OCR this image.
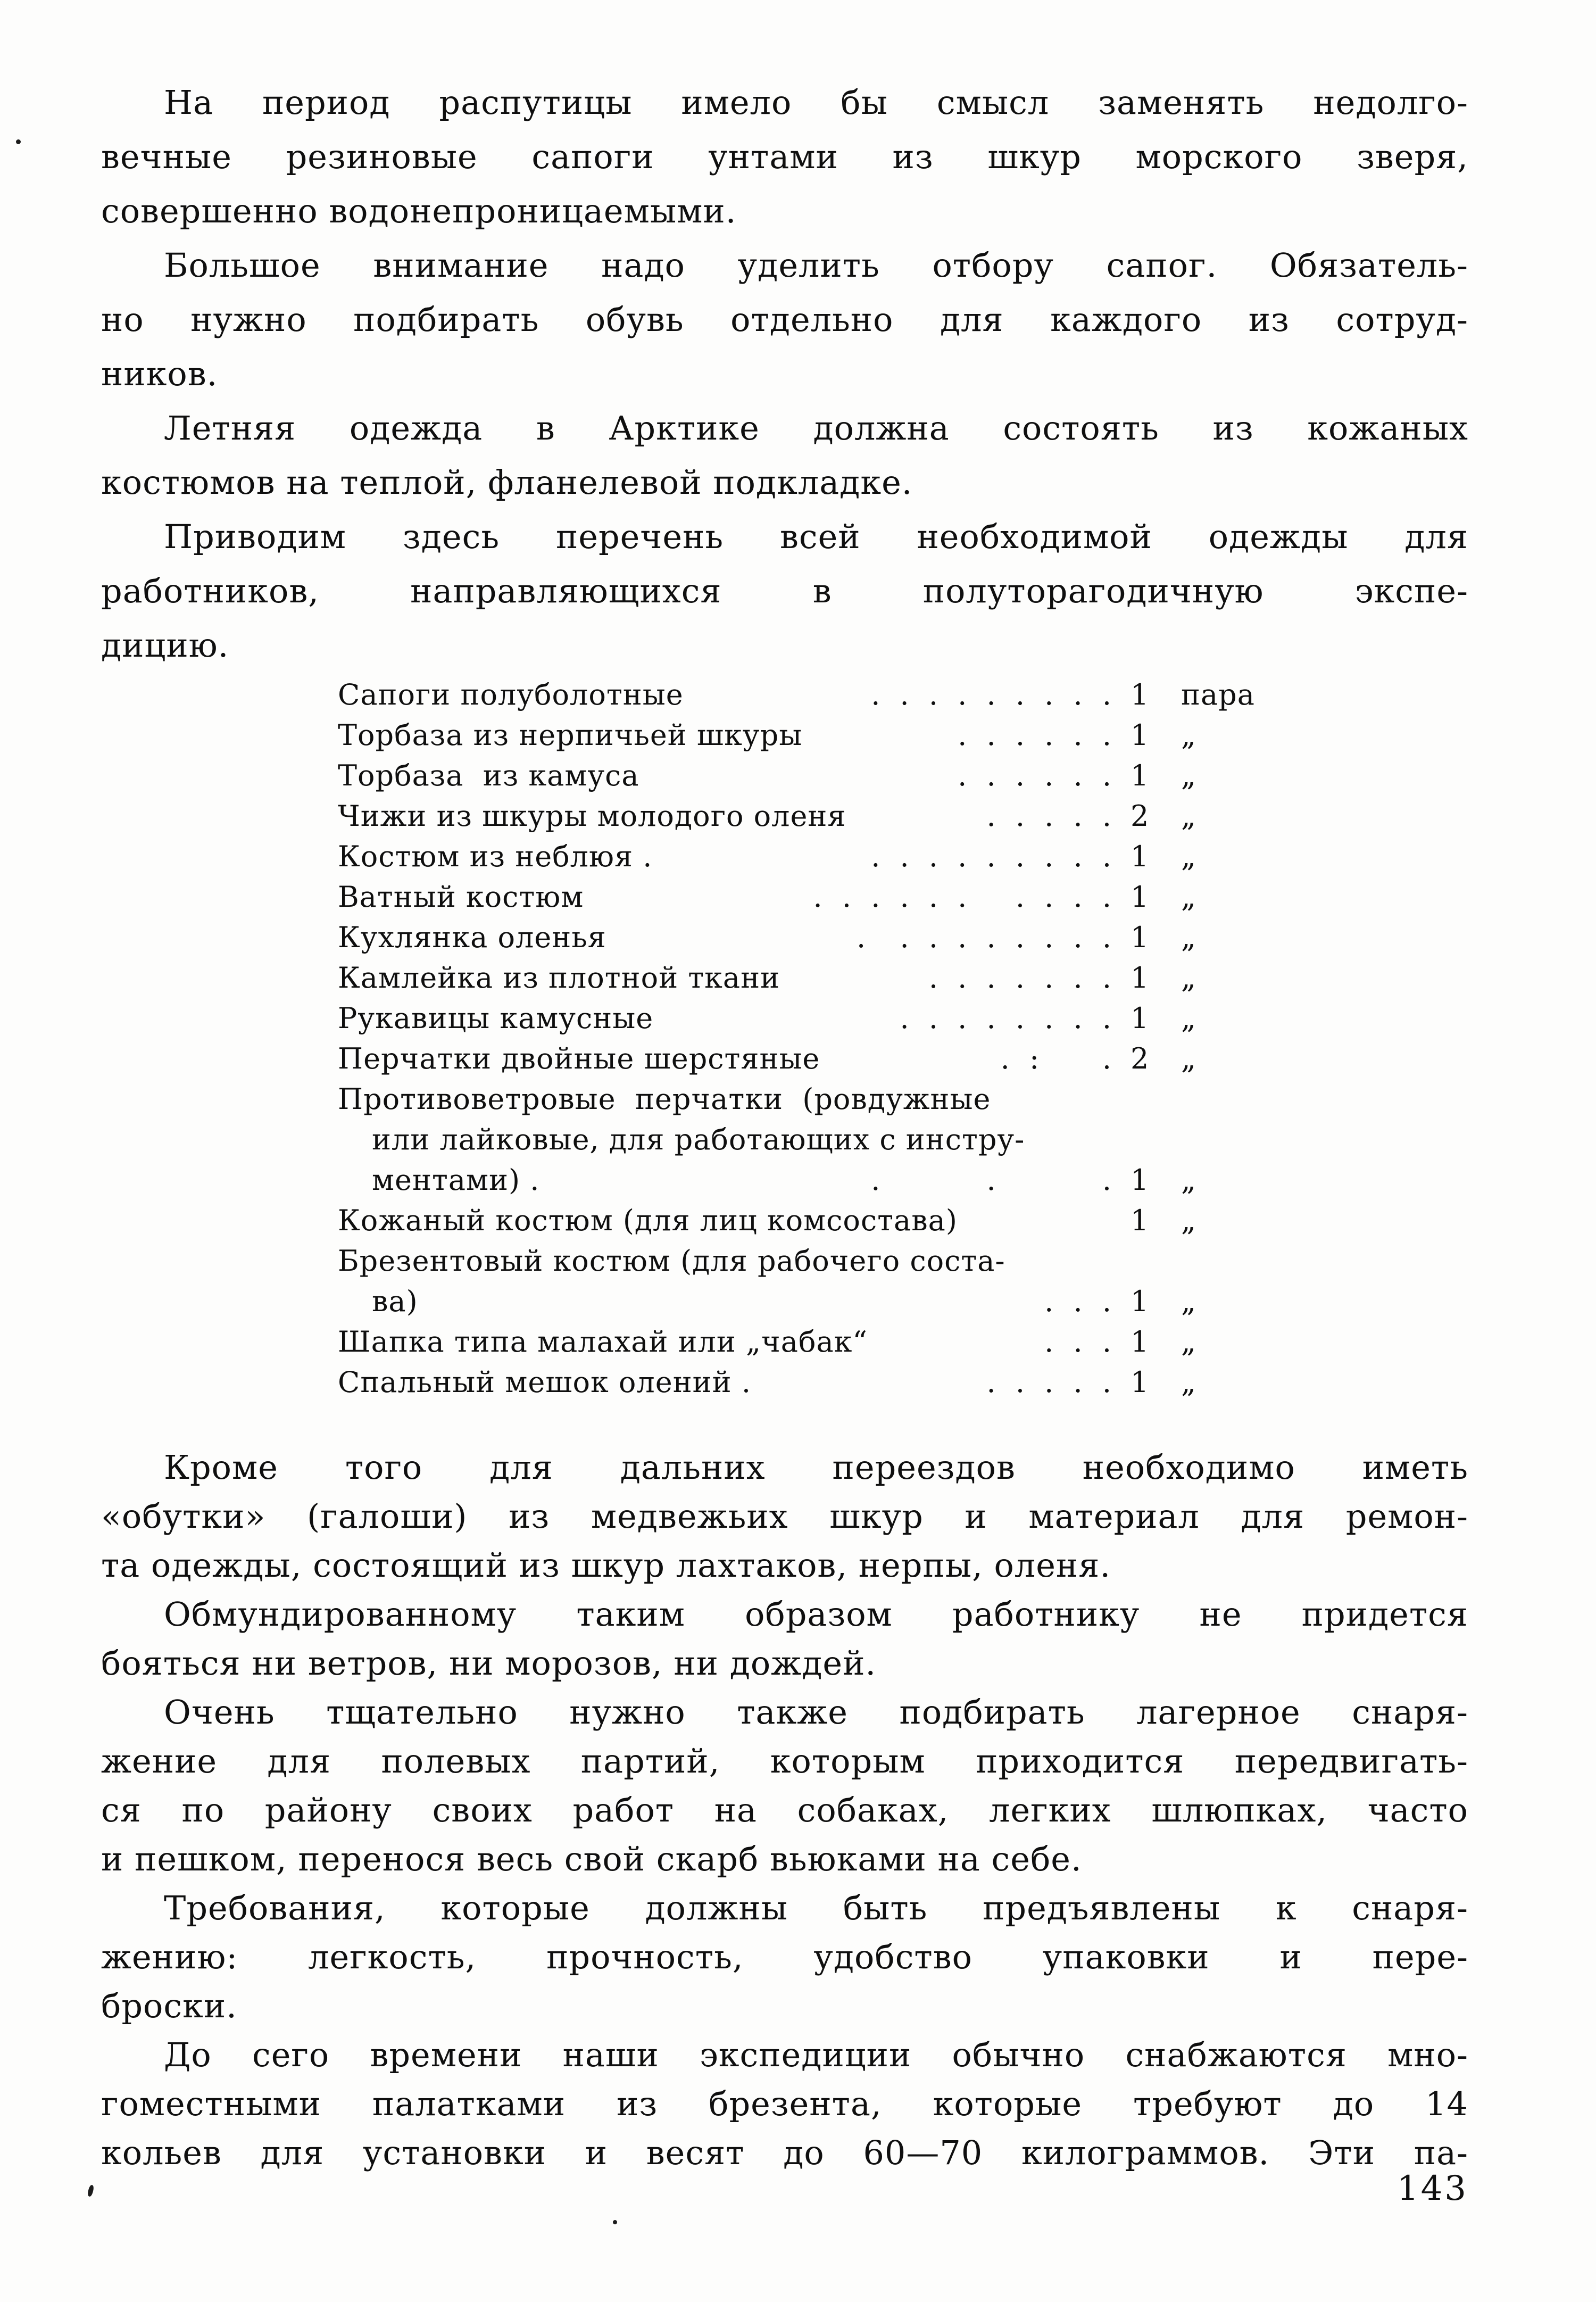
На период распутицы имело бы смысл заменять недолго-
вечные резиновые сапоги унтами из шкур морского зверя,
совершенно водонепроницаемыми.
Большое внимание надо уделить отбору сапог. Обязатель-
но нужно подбирать обувь отдельно для каждого из сотруд-
ников.
Летняя одежда в Арктике должна состоять из кожаных
костюмов на теплой, фланелевой подкладке.
Приводим здесь перечень всей необходимой одежды для
работников, направляющихся в полуторагодичную экспе-
дицию.
Сапоги полуболотные	. . . . . . . . . 1	пара
Торбаза из нерпичьей шкуры	. . . . . . 1	„
Торбаза  из камуса	. . . . . . 1	„
Чижи из шкуры молодого оленя	. . . . . 2	„
Костюм из неблюя .	. . . . . . . . . 1	„
Ватный костюм	. . . . . .   . . . . 1	„
Кухлянка оленья	.  . . . . . . . . 1	„
Камлейка из плотной ткани	. . . . . . . 1	„
Рукавицы камусные	. . . . . . . . 1	„
Перчатки двойные шерстяные	. :    . 2	„
Противоветровые  перчатки  (ровдужные
или лайковые, для работающих с инстру-
ментами) .	.       .       . 1	„
Кожаный костюм (для лиц комсостава)	1	„
Брезентовый костюм (для рабочего соста-
ва)	. . . 1	„
Шапка типа малахай или „чабак“	. . . 1	„
Спальный мешок олений .	. . . . . 1	„
Кроме того для дальних переездов необходимо иметь
«обутки» (галоши) из медвежьих шкур и материал для ремон-
та одежды, состоящий из шкур лахтаков, нерпы, оленя.
Обмундированному таким образом работнику не придется
бояться ни ветров, ни морозов, ни дождей.
Очень тщательно нужно также подбирать лагерное снаря-
жение для полевых партий, которым приходится передвигать-
ся по району своих работ на собаках, легких шлюпках, часто
и пешком, перенося весь свой скарб вьюками на себе.
Требования, которые должны быть предъявлены к снаря-
жению: легкость, прочность, удобство упаковки и пере-
броски.
До сего времени наши экспедиции обычно снабжаются мно-
гоместными палатками из брезента, которые требуют до 14
кольев для установки и весят до 60—70 килограммов. Эти па-
143
